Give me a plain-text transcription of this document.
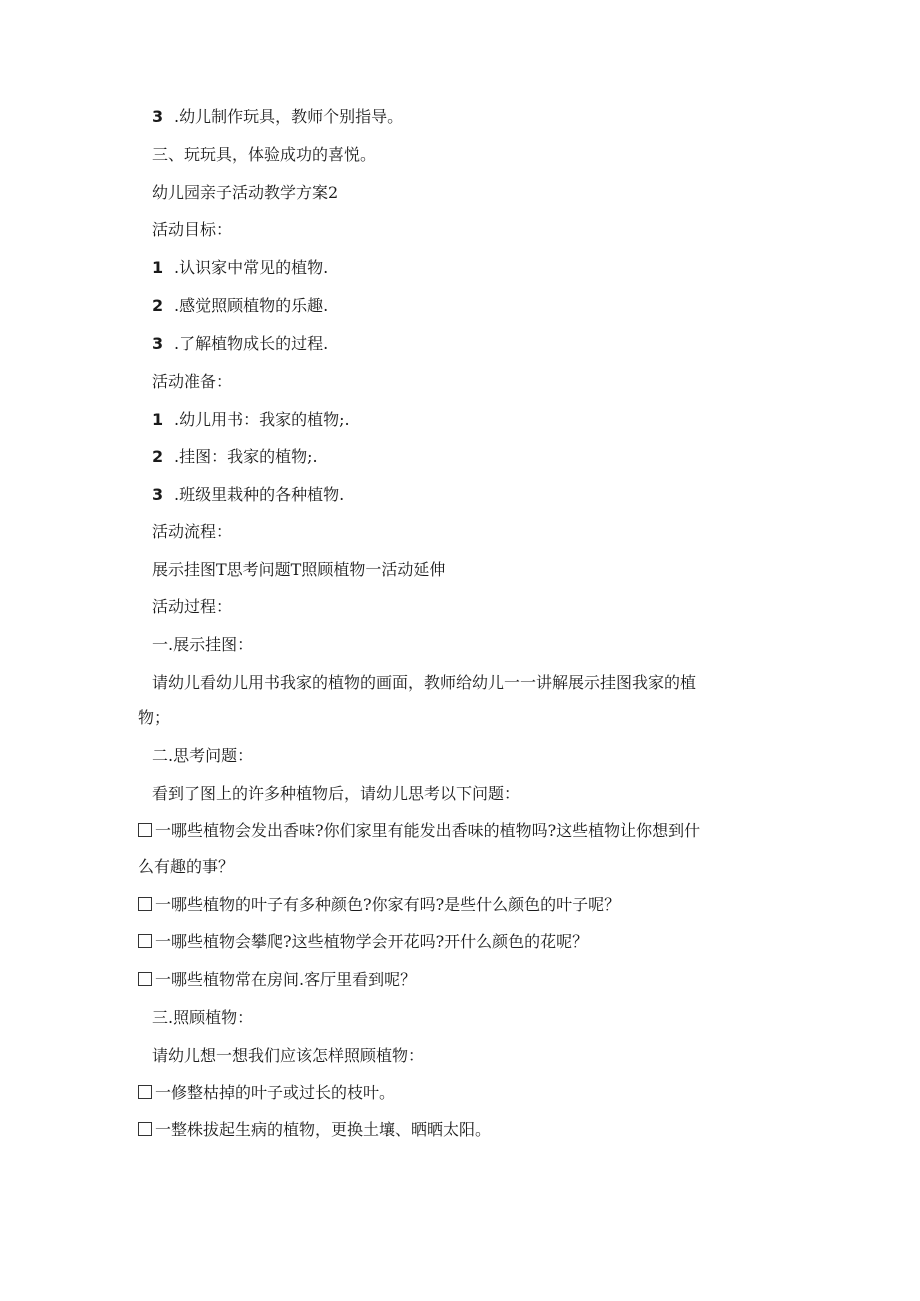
3 .幼儿制作玩具，教师个别指导。
三、玩玩具，体验成功的喜悦。
幼儿园亲子活动教学方案2
活动目标：
1 .认识家中常见的植物.
2 .感觉照顾植物的乐趣.
3 .了解植物成长的过程.
活动准备：
1 .幼儿用书：我家的植物;.
2 .挂图：我家的植物;.
3 .班级里栽种的各种植物.
活动流程：
展示挂图T思考问题T照顾植物一活动延伸
活动过程：
一.展示挂图：
请幼儿看幼儿用书我家的植物的画面，教师给幼儿一一讲解展示挂图我家的植
物；
二.思考问题：
看到了图上的许多种植物后，请幼儿思考以下问题：
一哪些植物会发出香味?你们家里有能发出香味的植物吗?这些植物让你想到什
么有趣的事？
一哪些植物的叶子有多种颜色?你家有吗?是些什么颜色的叶子呢？
一哪些植物会攀爬?这些植物学会开花吗?开什么颜色的花呢？
一哪些植物常在房间.客厅里看到呢？
三.照顾植物：
请幼儿想一想我们应该怎样照顾植物：
一修整枯掉的叶子或过长的枝叶。
一整株拔起生病的植物，更换土壤、晒晒太阳。
